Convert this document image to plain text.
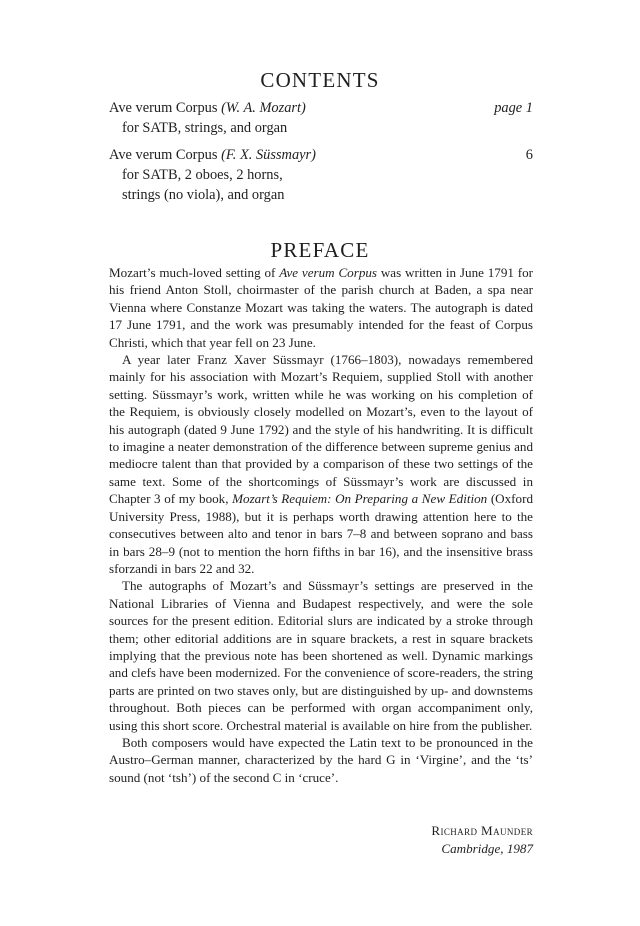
CONTENTS
Ave verum Corpus (W. A. Mozart)	page 1
for SATB, strings, and organ
Ave verum Corpus (F. X. Süssmayr)	6
for SATB, 2 oboes, 2 horns,
strings (no viola), and organ
PREFACE

Mozart’s much-loved setting of Ave verum Corpus was written in June 1791 for his friend Anton Stoll, choirmaster of the parish church at Baden, a spa near Vienna where Constanze Mozart was taking the waters. The autograph is dated 17 June 1791, and the work was presumably intended for the feast of Corpus Christi, which that year fell on 23 June.

A year later Franz Xaver Süssmayr (1766–1803), nowadays remembered mainly for his association with Mozart’s Requiem, supplied Stoll with another setting. Süssmayr’s work, written while he was working on his completion of the Requiem, is obviously closely modelled on Mozart’s, even to the layout of his autograph (dated 9 June 1792) and the style of his handwriting. It is difficult to imagine a neater demonstration of the difference between supreme genius and mediocre talent than that provided by a comparison of these two settings of the same text. Some of the shortcomings of Süssmayr’s work are discussed in Chapter 3 of my book, Mozart’s Requiem: On Preparing a New Edition (Oxford University Press, 1988), but it is perhaps worth drawing attention here to the consecutives between alto and tenor in bars 7–8 and between soprano and bass in bars 28–9 (not to mention the horn fifths in bar 16), and the insensitive brass sforzandi in bars 22 and 32.

The autographs of Mozart’s and Süssmayr’s settings are preserved in the National Libraries of Vienna and Budapest respectively, and were the sole sources for the present edition. Editorial slurs are indicated by a stroke through them; other editorial additions are in square brackets, a rest in square brackets implying that the previous note has been shortened as well. Dynamic markings and clefs have been modernized. For the convenience of score-readers, the string parts are printed on two staves only, but are distinguished by up- and downstems throughout. Both pieces can be performed with organ accompaniment only, using this short score. Orchestral material is available on hire from the publisher.

Both composers would have expected the Latin text to be pronounced in the Austro–German manner, characterized by the hard G in ‘Virgine’, and the ‘ts’ sound (not ‘tsh’) of the second C in ‘cruce’.

Richard Maunder
Cambridge, 1987
